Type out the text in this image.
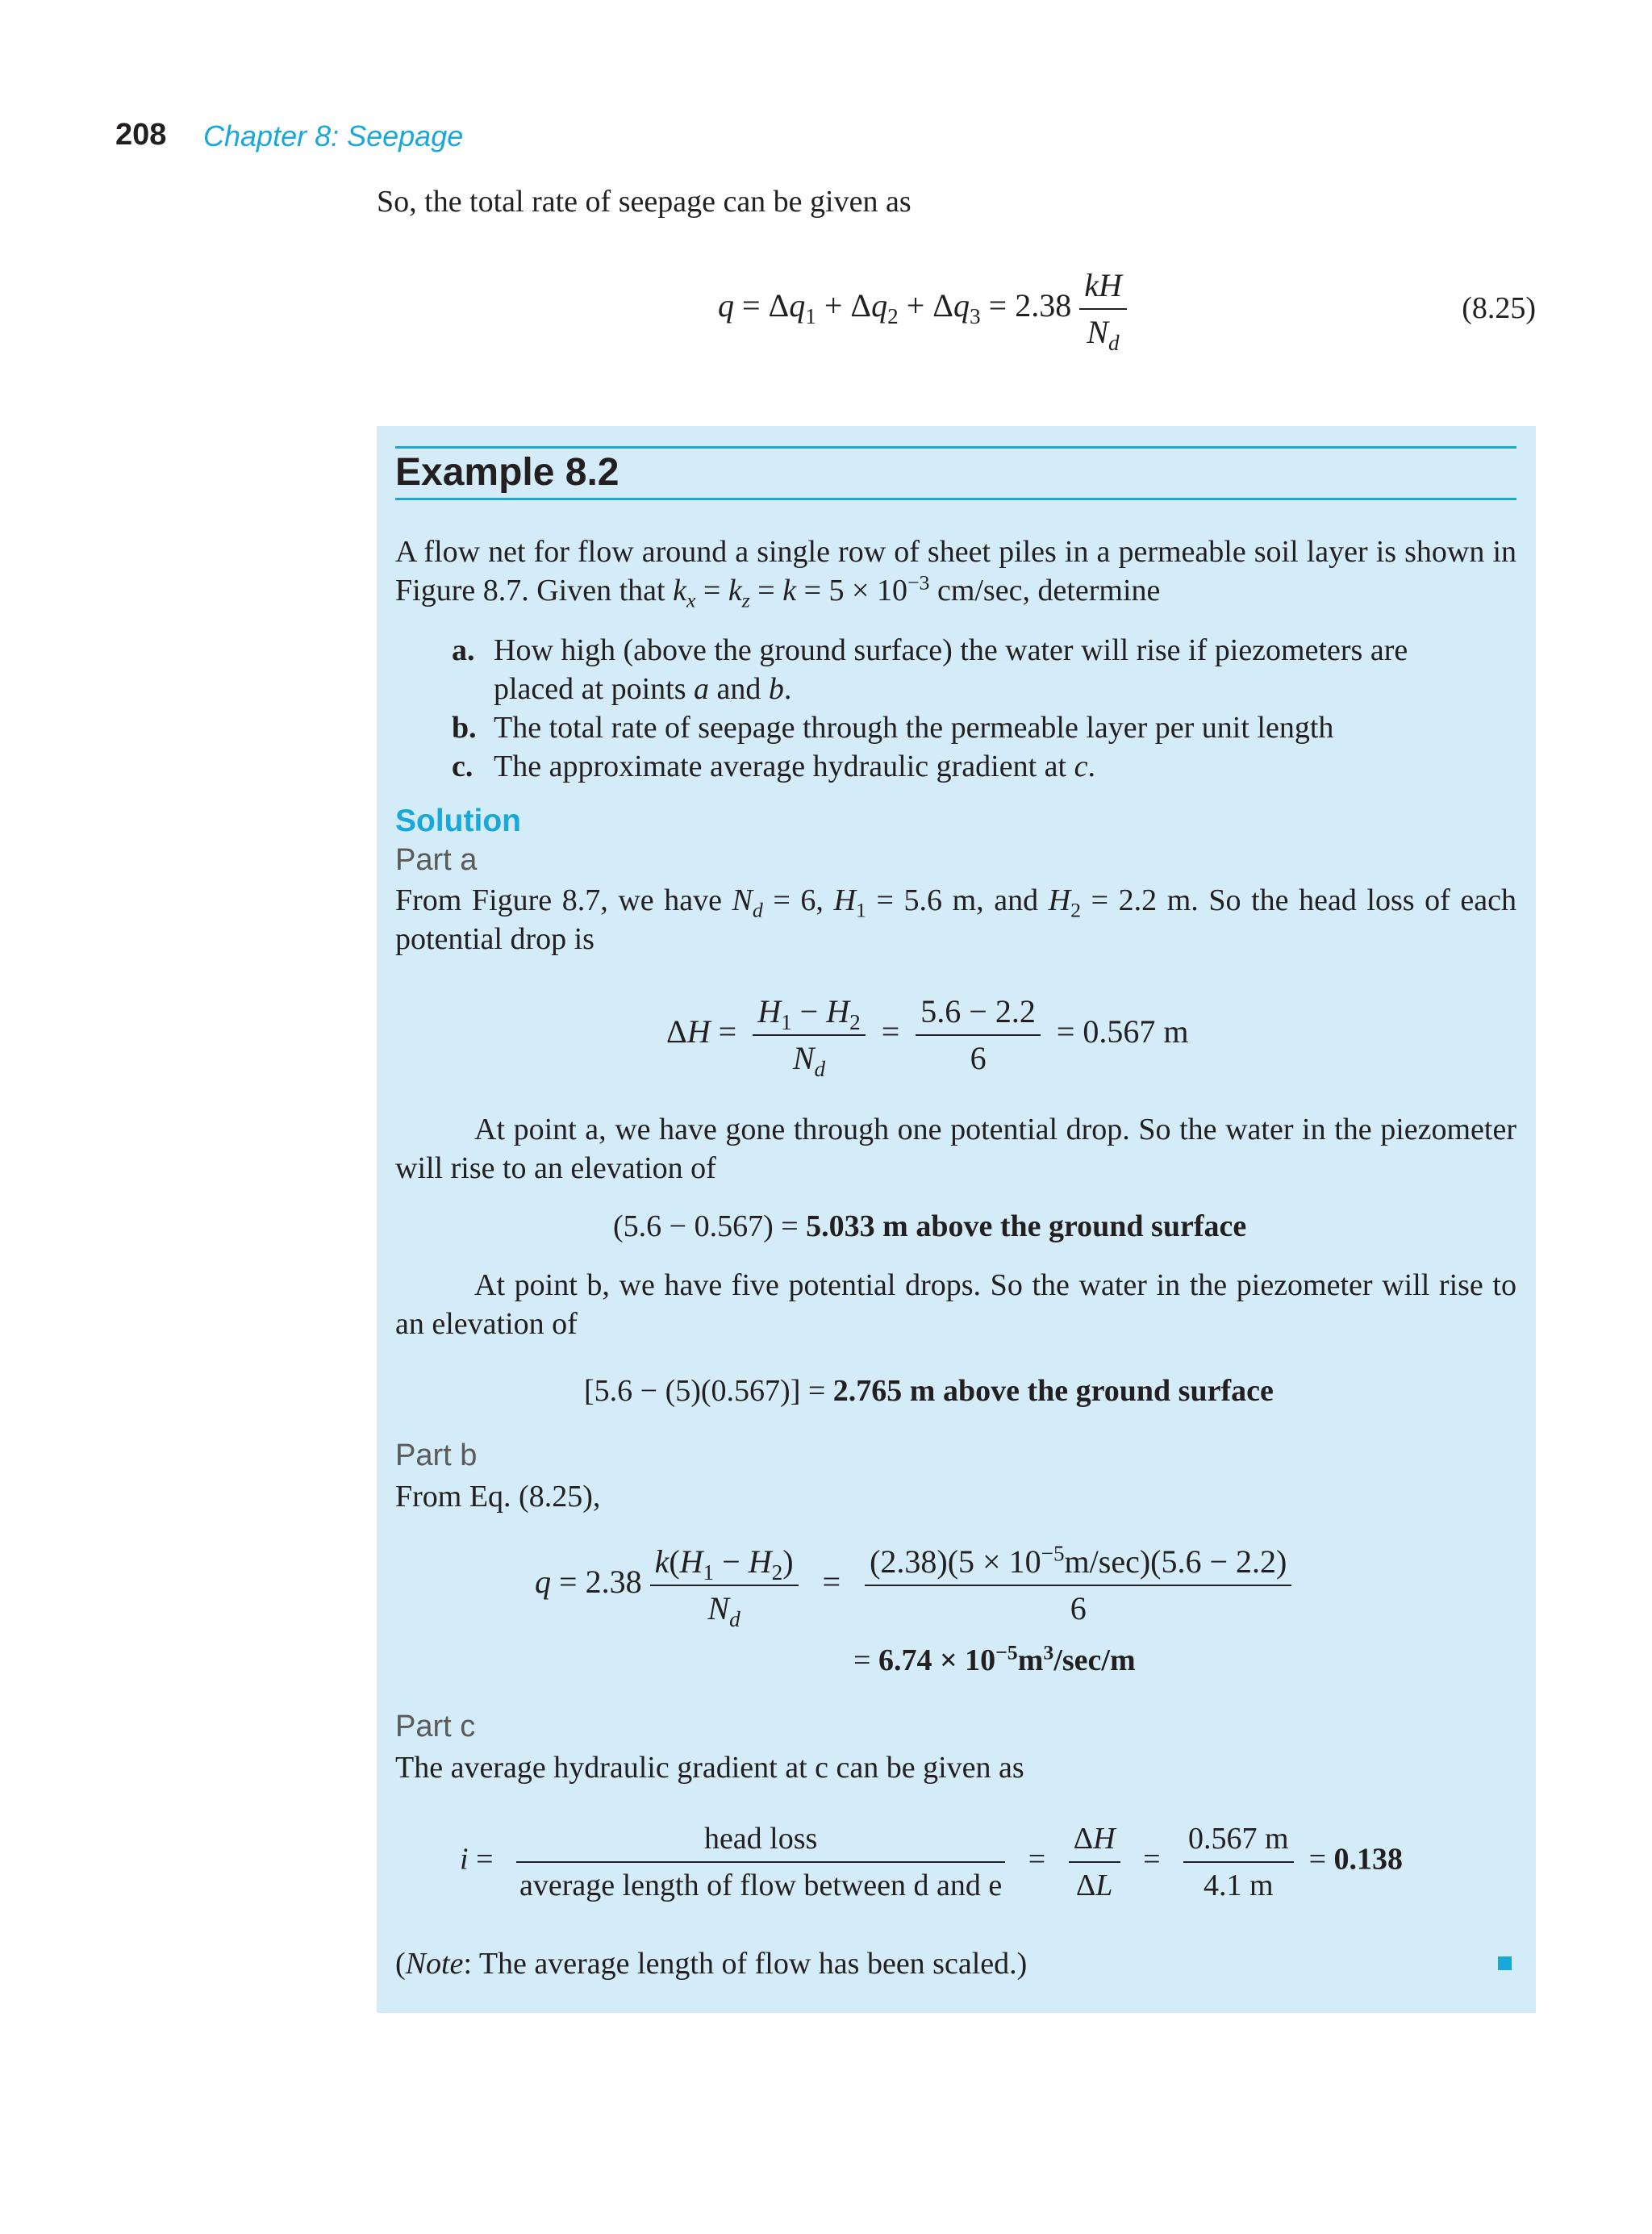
208 Chapter 8: Seepage
So, the total rate of seepage can be given as
$q = \Delta q_1 + \Delta q_2 + \Delta q_3 = 2.38 \frac{kH}{N_d}$	(8.25)
Example 8.2
A flow net for flow around a single row of sheet piles in a permeable soil layer is shown in Figure 8.7. Given that $k_x = k_z = k = 5 \times 10^{-3}$ cm/sec, determine
a. How high (above the ground surface) the water will rise if piezometers are
placed at points a and b.
b. The total rate of seepage through the permeable layer per unit length
c. The approximate average hydraulic gradient at c.
Solution
Part a
From Figure 8.7, we have $N_d = 6$, $H_1 = 5.6$ m, and $H_2 = 2.2$ m. So the head loss of each potential drop is
$\Delta H = \frac{H_1 - H_2}{N_d} = \frac{5.6 - 2.2}{6} = 0.567$ m
At point a, we have gone through one potential drop. So the water in the piezometer will rise to an elevation of
(5.6 − 0.567) = 5.033 m above the ground surface
At point b, we have five potential drops. So the water in the piezometer will rise to an elevation of
[5.6 − (5)(0.567)] = 2.765 m above the ground surface
Part b
From Eq. (8.25),
$q = 2.38 \frac{k(H_1 - H_2)}{N_d} = \frac{(2.38)(5 \times 10^{-5}m/\sec)(5.6 - 2.2)}{6}$
= $6.74 \times 10^{-5}m^3/\sec/m$
Part c
The average hydraulic gradient at c can be given as
$i = \frac{\text{head loss}}{\text{average length of flow between d and e}} = \frac{\Delta H}{\Delta L} = \frac{0.567 m}{4.1 m} = 0.138$
(Note: The average length of flow has been scaled.)
